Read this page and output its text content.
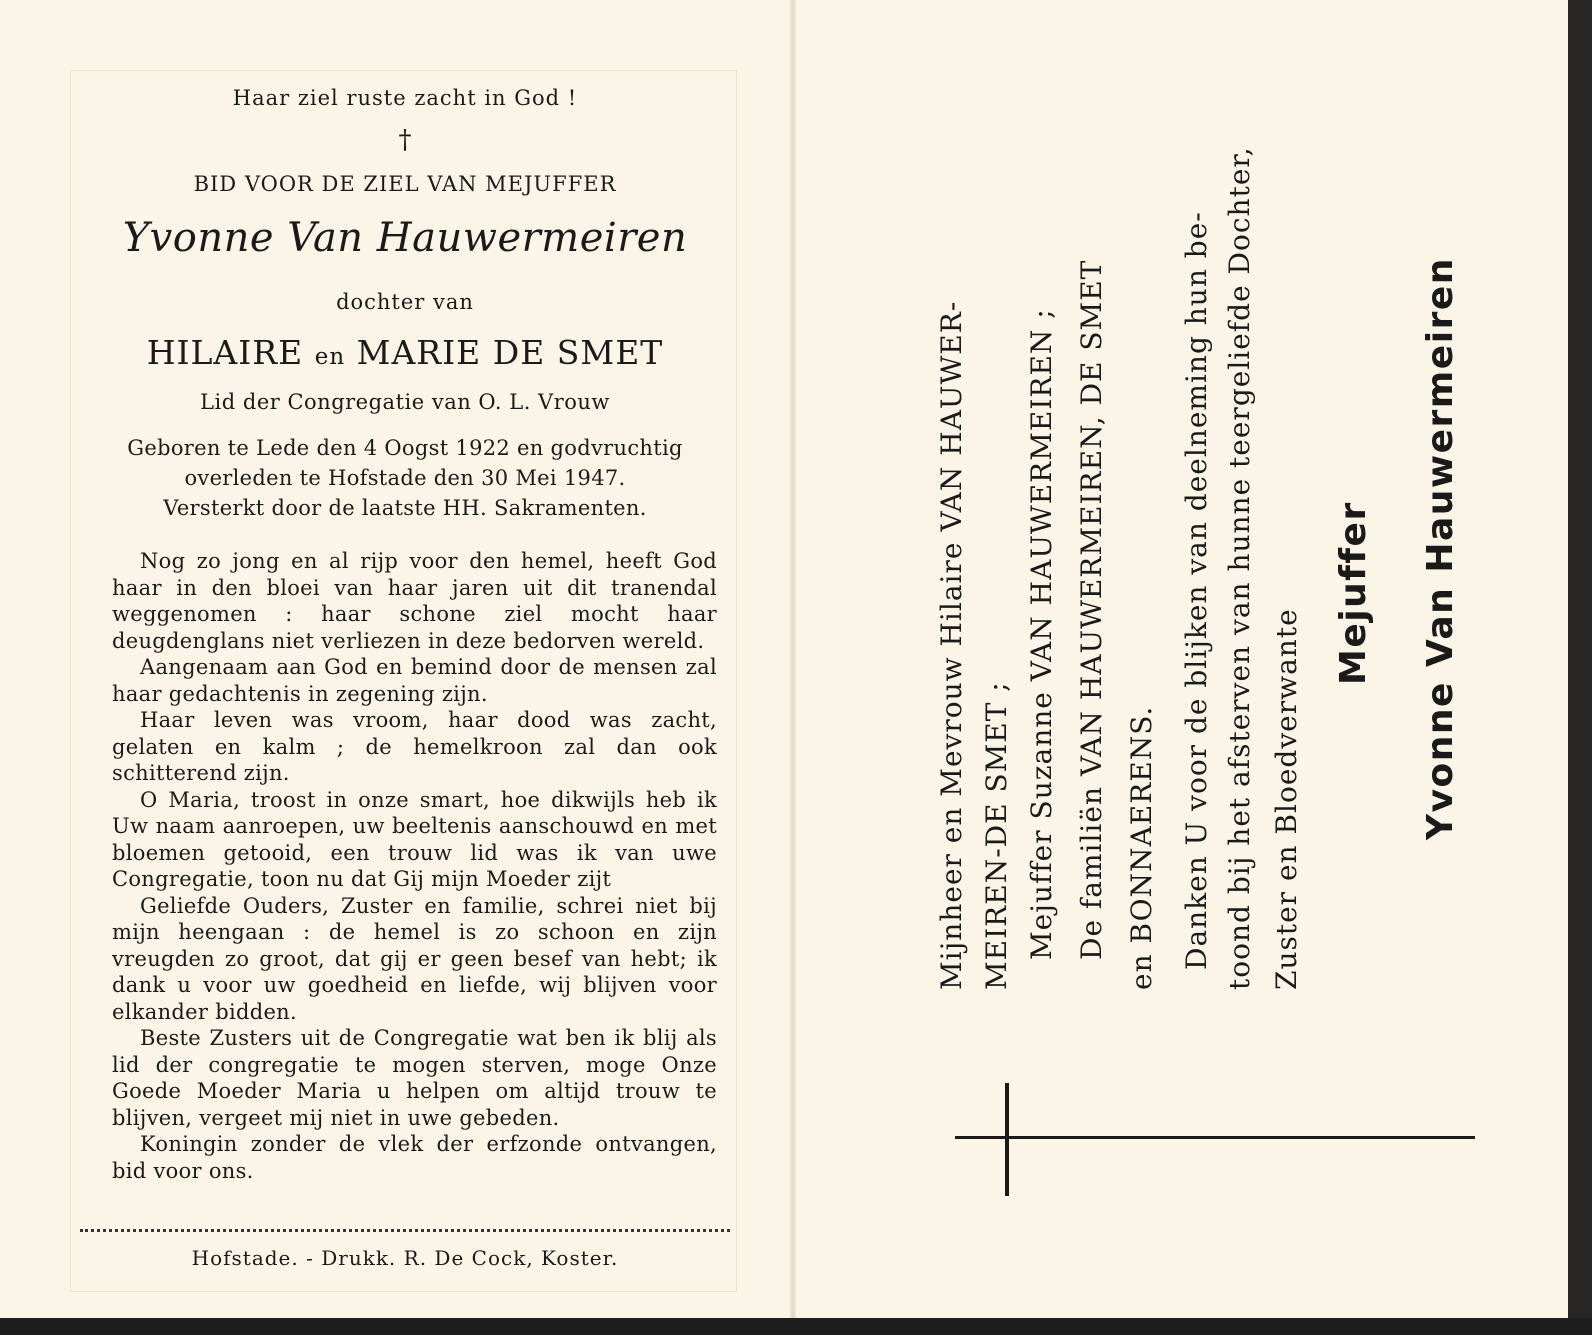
Haar ziel ruste zacht in God !
†
BID VOOR DE ZIEL VAN MEJUFFER
Yvonne Van Hauwermeiren
dochter van
HILAIRE en MARIE DE SMET
Lid der Congregatie van O. L. Vrouw
Geboren te Lede den 4 Oogst 1922 en godvruchtig
overleden te Hofstade den 30 Mei 1947.
Versterkt door de laatste HH. Sakramenten.

Nog zo jong en al rijp voor den hemel, heeft God haar in den bloei van haar jaren uit dit tranendal weggenomen : haar schone ziel mocht haar deugdenglans niet verliezen in deze bedorven wereld.

Aangenaam aan God en bemind door de mensen zal haar gedachtenis in zegening zijn.

Haar leven was vroom, haar dood was zacht, gelaten en kalm ; de hemelkroon zal dan ook schitterend zijn.

O Maria, troost in onze smart, hoe dikwijls heb ik Uw naam aanroepen, uw beeltenis aanschouwd en met bloemen getooid, een trouw lid was ik van uwe Congregatie, toon nu dat Gij mijn Moeder zijt

Geliefde Ouders, Zuster en familie, schrei niet bij mijn heengaan : de hemel is zo schoon en zijn vreugden zo groot, dat gij er geen besef van hebt; ik dank u voor uw goedheid en liefde, wij blijven voor elkander bidden.

Beste Zusters uit de Congregatie wat ben ik blij als lid der congregatie te mogen sterven, moge Onze Goede Moeder Maria u helpen om altijd trouw te blijven, vergeet mij niet in uwe gebeden.

Koningin zonder de vlek der erfzonde ontvangen, bid voor ons.

Hofstade. - Drukk. R. De Cock, Koster.
Mijnheer en Mevrouw Hilaire VAN HAUWER- MEIREN-DE SMET ; Mejuffer Suzanne VAN HAUWERMEIREN ; De familiën VAN HAUWERMEIREN, DE SMET en BONNAERENS. Danken U voor de blijken van deelneming hun be- toond bij het afsterven van hunne teergeliefde Dochter, Zuster en Bloedverwante
Mejuffer Yvonne Van Hauwermeiren
